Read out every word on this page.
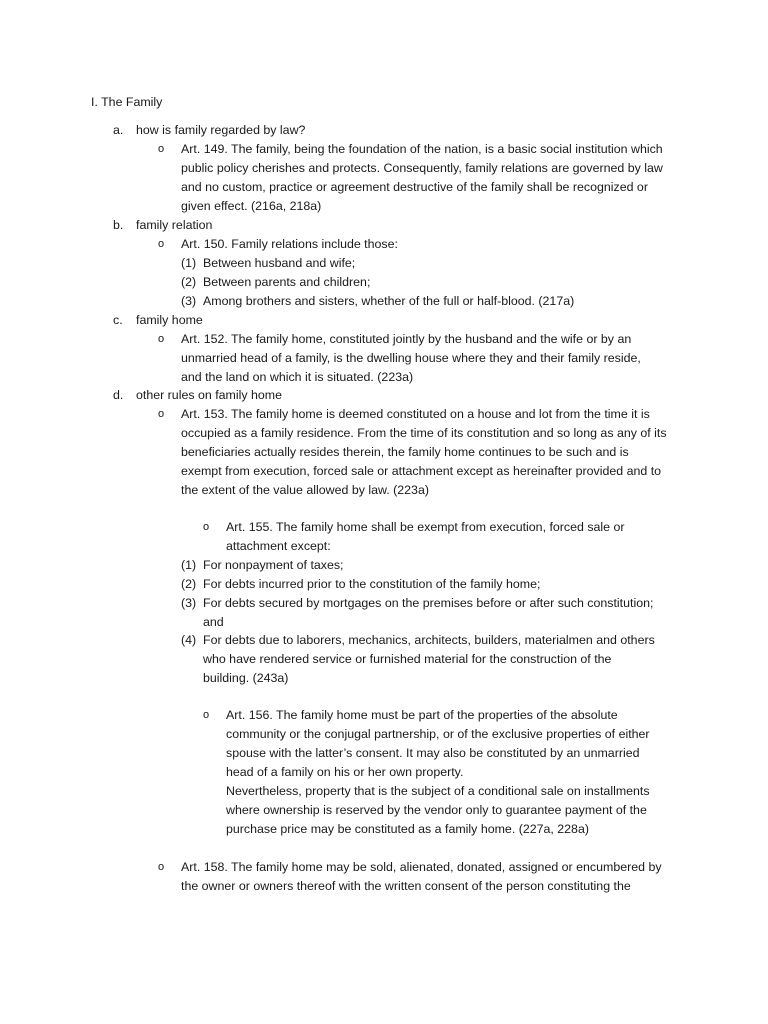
I. The Family
a. how is family regarded by law?
o Art. 149. The family, being the foundation of the nation, is a basic social institution which
public policy cherishes and protects. Consequently, family relations are governed by law
and no custom, practice or agreement destructive of the family shall be recognized or
given effect. (216a, 218a)
b. family relation
o Art. 150. Family relations include those:
(1) Between husband and wife;
(2) Between parents and children;
(3) Among brothers and sisters, whether of the full or half-blood. (217a)
c. family home
o Art. 152. The family home, constituted jointly by the husband and the wife or by an
unmarried head of a family, is the dwelling house where they and their family reside,
and the land on which it is situated. (223a)
d. other rules on family home
o Art. 153. The family home is deemed constituted on a house and lot from the time it is
occupied as a family residence. From the time of its constitution and so long as any of its
beneficiaries actually resides therein, the family home continues to be such and is
exempt from execution, forced sale or attachment except as hereinafter provided and to
the extent of the value allowed by law. (223a)
o Art. 155. The family home shall be exempt from execution, forced sale or
attachment except:
(1) For nonpayment of taxes;
(2) For debts incurred prior to the constitution of the family home;
(3) For debts secured by mortgages on the premises before or after such constitution;
and
(4) For debts due to laborers, mechanics, architects, builders, materialmen and others
who have rendered service or furnished material for the construction of the
building. (243a)
o Art. 156. The family home must be part of the properties of the absolute
community or the conjugal partnership, or of the exclusive properties of either
spouse with the latter’s consent. It may also be constituted by an unmarried
head of a family on his or her own property.
Nevertheless, property that is the subject of a conditional sale on installments
where ownership is reserved by the vendor only to guarantee payment of the
purchase price may be constituted as a family home. (227a, 228a)
o Art. 158. The family home may be sold, alienated, donated, assigned or encumbered by
the owner or owners thereof with the written consent of the person constituting the
